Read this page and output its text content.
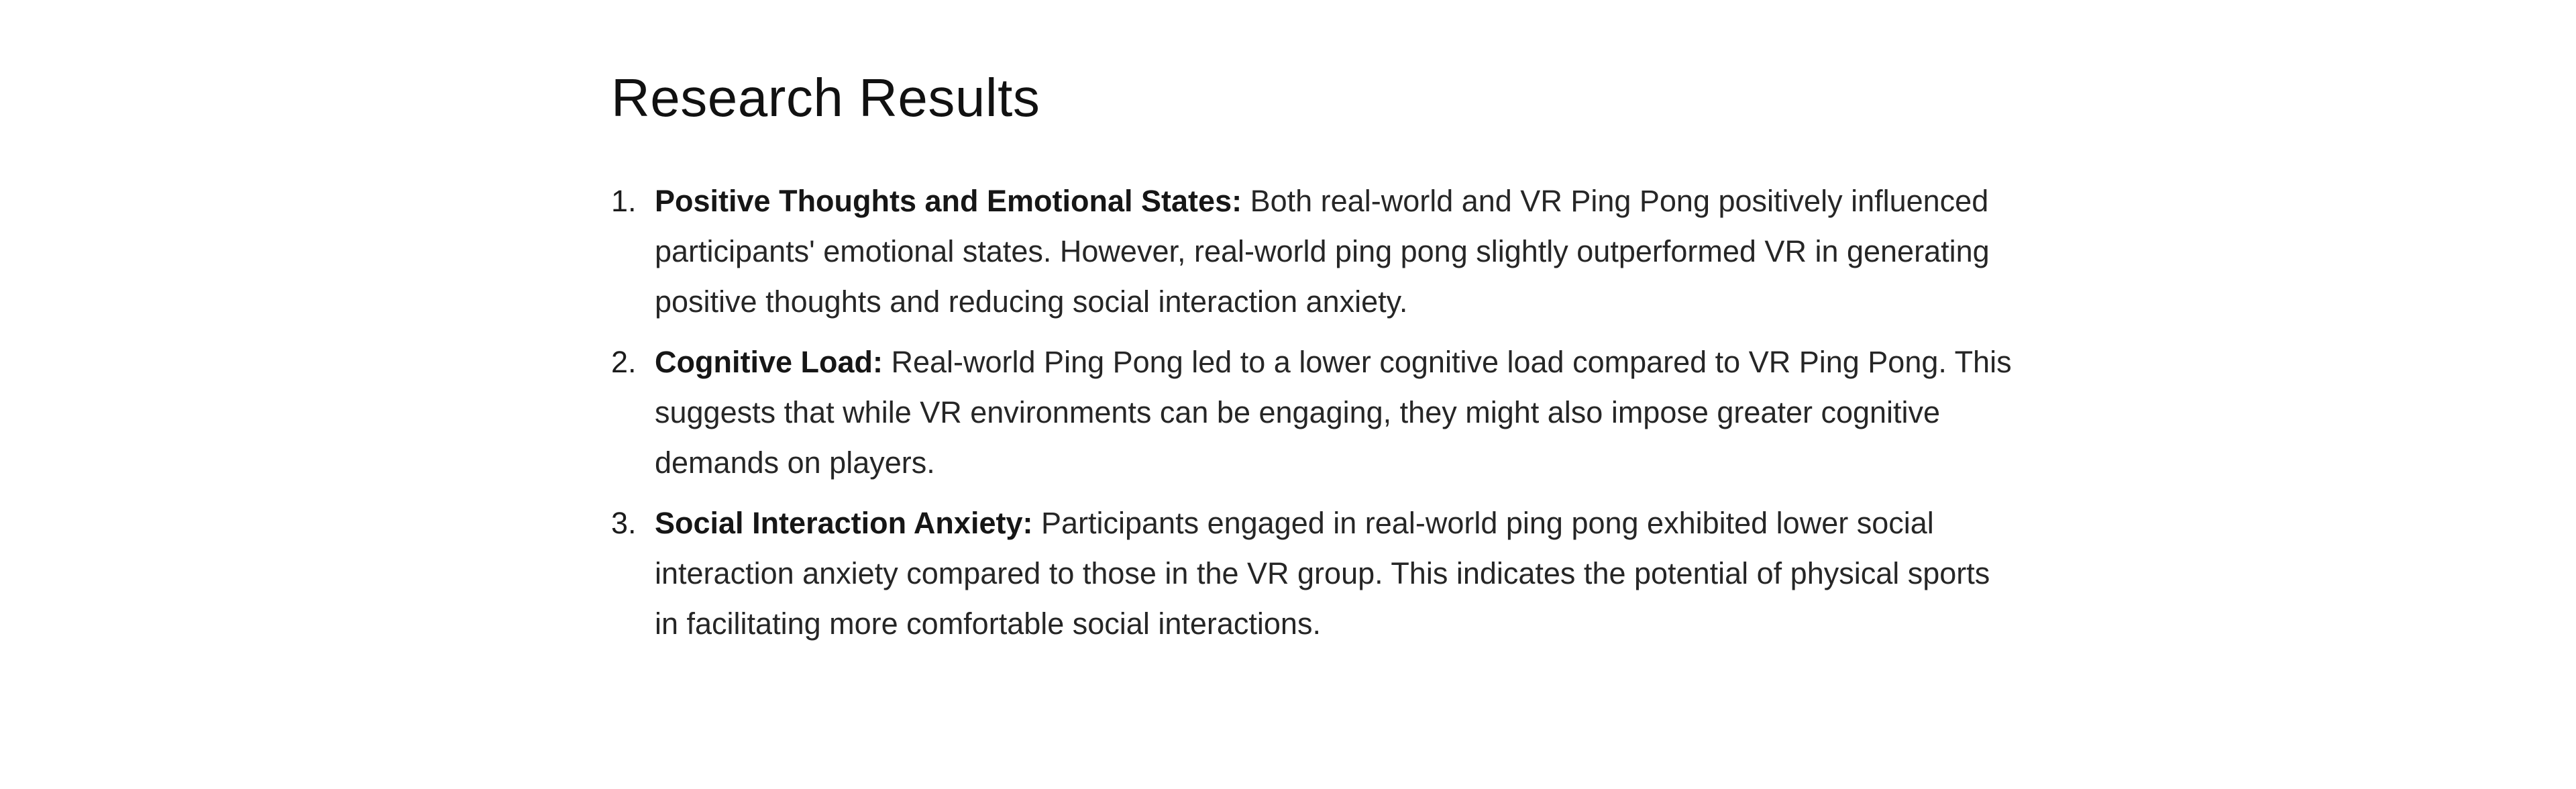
Research Results
1. Positive Thoughts and Emotional States: Both real-world and VR Ping Pong positively influenced participants' emotional states. However, real-world ping pong slightly outperformed VR in generating positive thoughts and reducing social interaction anxiety.
2. Cognitive Load: Real-world Ping Pong led to a lower cognitive load compared to VR Ping Pong. This suggests that while VR environments can be engaging, they might also impose greater cognitive demands on players.
3. Social Interaction Anxiety: Participants engaged in real-world ping pong exhibited lower social interaction anxiety compared to those in the VR group. This indicates the potential of physical sports in facilitating more comfortable social interactions.
